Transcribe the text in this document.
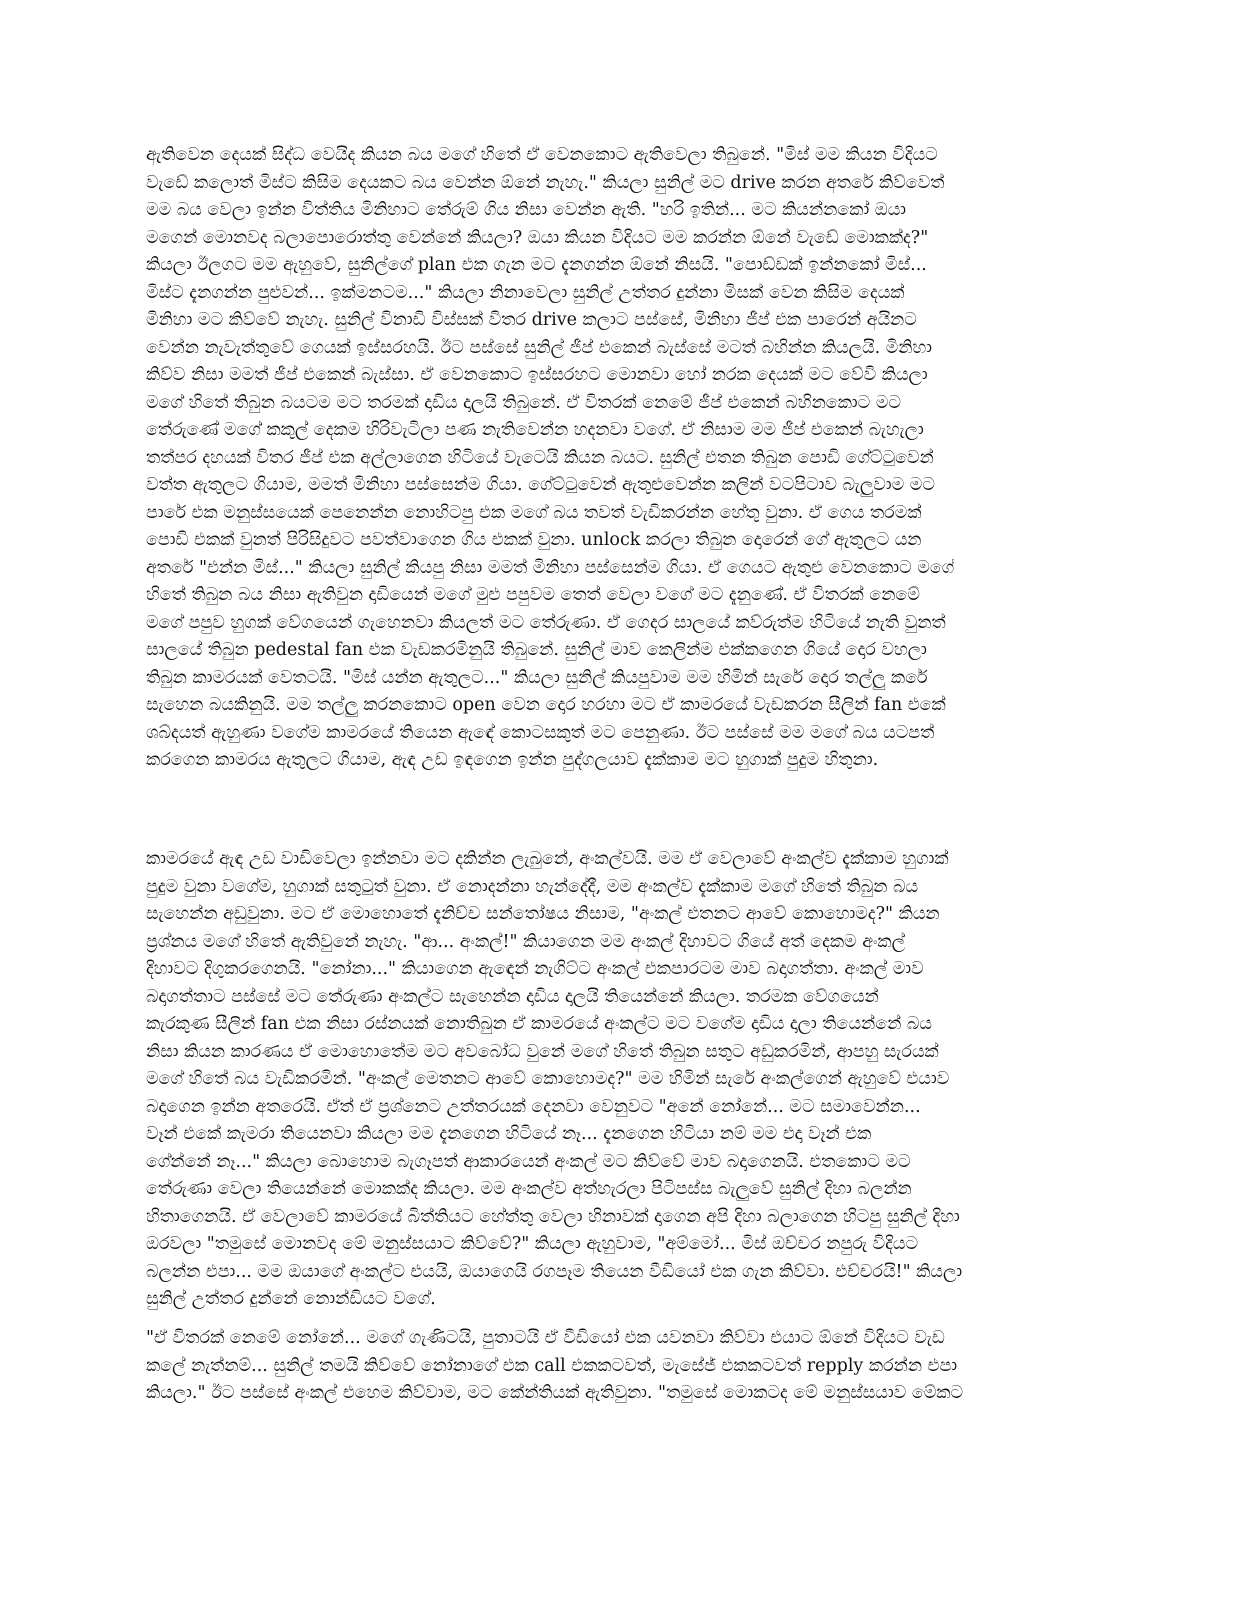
ඇතිවෙන දෙයක් සිද්ධ වෙයිද කියන බය මගේ හිතේ ඒ වෙනකොට ඇතිවෙලා තිබුනේ. "මිස් මම කියන විදියට
වැඩේ කලොත් මිස්ට කිසිම දෙයකට බය වෙන්න ඕනේ නැහැ." කියලා සුනිල් මට drive කරන අතරේ කිව්වෙත්
මම බය වෙලා ඉන්න විත්තිය මිනිහාට තේරුම් ගිය නිසා වෙන්න ඇති. "හරි ඉතින්... මට කියන්නකෝ ඔයා
මගෙන් මොනවද බලාපොරොත්තු වෙන්නේ කියලා? ඔයා කියන විදියට මම කරන්න ඕනේ වැඩේ මොකක්ද?"
කියලා ඊලගට මම ඇහුවේ, සුනිල්ගේ plan එක ගැන මට දැනගන්න ඕනේ නිසයි. "පොඩ්ඩක් ඉන්නකෝ මිස්...
මිස්ට දැනගන්න පුළුවන්... ඉක්මනටම..." කියලා නිනාවෙලා සුනිල් උත්තර දුන්නා මිසක් වෙන කිසිම දෙයක්
මිනිහා මට කිව්වේ නැහැ. සුනිල් විනාඩි විස්සක් විතර drive කලාට පස්සේ, මිනිහා ජීප් එක පාරෙන් අයිනට
වෙන්න නැවැත්තුවේ ගෙයක් ඉස්සරහයි. ඊට පස්සේ සුනිල් ජීප් එකෙන් බැස්සේ මටත් බහින්න කියලයි. මිනිහා
කිව්ව නිසා මමත් ජීප් එකෙන් බැස්සා. ඒ වෙනකොට ඉස්සරහට මොනවා හෝ නරක දෙයක් මට වේවි කියලා
මගේ හිතේ තිබුන බයටම මට තරමක් දාඩිය දාලයි තිබුනේ. ඒ විතරක් නෙමේ ජීප් එකෙන් බහිනකොට මට
තේරුණේ මගේ කකුල් දෙකම හිරිවැටිලා පණ නැතිවෙන්න හදනවා වගේ. ඒ නිසාම මම ජීප් එකෙන් බැහැලා
තත්පර දහයක් විතර ජීප් එක අල්ලාගෙන හිටියේ වැටෙයි කියන බයට. සුනිල් එතන තිබුන පොඩි ගේට්ටුවෙන්
වත්ත ඇතුලට ගියාම, මමත් මිනිහා පස්සෙන්ම ගියා. ගේට්ටුවෙන් ඇතුළුවෙන්න කලින් වටපිටාව බැලුවාම මට
පාරේ එක මනුස්සයෙක් පෙනෙන්න නොහිටපු එක මගේ බය තවත් වැඩිකරන්න හේතු වුනා. ඒ ගෙය තරමක්
පොඩි එකක් වුනත් පිරිසිදුවට පවත්වාගෙන ගිය එකක් වුනා. unlock කරලා තිබුන දොරෙන් ගේ ඇතුලට යන
අතරේ "එන්න මිස්..." කියලා සුනිල් කියපු නිසා මමත් මිනිහා පස්සෙන්ම ගියා. ඒ ගෙයට ඇතුළු වෙනකොට මගේ
හිතේ තිබුන බය නිසා ඇතිවුන දාඩියෙන් මගේ මුළු පපුවම තෙත් වෙලා වගේ මට දැනුණේ. ඒ විතරක් නෙමේ
මගේ පපුව හුගක් වේගයෙන් ගැහෙනවා කියලත් මට තේරුණා. ඒ ගෙදර සාලයේ කව්රුත්ම හිටියේ නැති වුනත්
සාලයේ තිබුන pedestal fan එක වැඩකරමිනුයි තිබුනේ. සුනිල් මාව කෙලින්ම එක්කගෙන ගියේ දොර වහලා
තිබුන කාමරයක් වෙතටයි. "මිස් යන්න ඇතුලට..." කියලා සුනිල් කියපුවාම මම හිමින් සැරේ දොර තල්ලු කරේ
සැහෙන බයකිනුයි. මම තල්ලු කරනකොට open වෙන දොර හරහා මට ඒ කාමරයේ වැඩකරන සීලින් fan එකේ
ශබ්දයත් ඇහුණා වගේම කාමරයේ තියෙන ඇඳේ කොටසකුත් මට පෙනුණා. ඊට පස්සේ මම මගේ බය යටපත්
කරගෙන කාමරය ඇතුලට ගියාම, ඇඳ උඩ ඉඳගෙන ඉන්න පුද්ගලයාව දැක්කාම මට හුගාක් පුදුම හිතුනා.
කාමරයේ ඇඳ උඩ වාඩිවෙලා ඉන්නවා මට දකින්න ලැබුනේ, අංකල්වයි. මම ඒ වෙලාවේ අංකල්ව දැක්කාම හුගාක්
පුදුම වුනා වගේම, හුගාක් සතුටුත් වුනා. ඒ නොදන්නා හැන්දේදී, මම අංකල්ව දැක්කාම මගේ හිතේ තිබුන බය
සැහෙන්න අඩුවුනා. මට ඒ මොහොතේ දැනිච්ච සන්තෝෂය නිසාම, "අංකල් එතනට ආවේ කොහොමද?" කියන
ප්‍රශ්නය මගේ හිතේ ඇතිවුනේ නැහැ. "ආ... අංකල්!" කියාගෙන මම අංකල් දිහාවට ගියේ අත් දෙකම අංකල්
දිහාවට දිගුකරගෙනයි. "නෝනා..." කියාගෙන ඇඳෙන් නැගිට්ට අංකල් එකපාරටම මාව බදාගත්තා. අංකල් මාව
බදාගත්තාට පස්සේ මට තේරුණා අංකල්ට සැහෙන්න දාඩිය දාලයි තියෙන්නේ කියලා. තරමක වේගයෙන්
කැරකුණ සීලින් fan එක නිසා රස්නයක් නොතිබුන ඒ කාමරයේ අංකල්ට මට වගේම දාඩිය දාලා තියෙන්නේ බය
නිසා කියන කාරණය ඒ මොහොතේම මට අවබෝධ වුනේ මගේ හිතේ තිබුන සතුට අඩුකරමින්, ආපහු සැරයක්
මගේ හිතේ බය වැඩිකරමින්. "අංකල් මෙතනට ආවේ කොහොමද?" මම හිමින් සැරේ අංකල්ගෙන් ඇහුවේ එයාව
බදාගෙන ඉන්න අතරෙයි. ඒත් ඒ ප්‍රශ්නෙට උත්තරයක් දෙනවා වෙනුවට "අනේ නෝනේ... මට සමාවෙන්න...
වෑන් එකේ කැමරා තියෙනවා කියලා මම දැනගෙන හිටියේ නෑ... දැනගෙන හිටියා නම් මම එදා වෑන් එක
ගේන්නේ නෑ..." කියලා බොහොම බැගෑපත් ආකාරයෙන් අංකල් මට කිව්වේ මාව බදාගෙනයි. එතකොට මට
තේරුණා වෙලා තියෙන්නේ මොකක්ද කියලා. මම අංකල්ව අත්හැරලා පිටිපස්ස බැලුවේ සුනිල් දිහා බලන්න
හිතාගෙනයි. ඒ වෙලාවේ කාමරයේ බිත්තියට හේත්තු වෙලා හිනාවක් දාගෙන අපි දිහා බලාගෙන හිටපු සුනිල් දිහා
ඔරවලා "තමුසේ මොනවද මේ මනුස්සයාට කිව්වේ?" කියලා ඇහුවාම, "අම්මෝ... මිස් ඔච්චර නපුරු විදියට
බලන්න එපා... මම ඔයාගේ අංකල්ට එයයි, ඔයාගෙයි රගපෑම තියෙන වීඩියෝ එක ගැන කිව්වා. එච්චරයි!" කියලා
සුනිල් උත්තර දුන්නේ නොන්ඩියට වගේ.
"ඒ විතරක් නෙමේ නෝනේ... මගේ ගැණිටයි, පුතාටයි ඒ වීඩියෝ එක යවනවා කිව්වා එයාට ඕනේ විදියට වැඩ
කලේ නැත්නම්... සුනිල් තමයි කිව්වේ නෝනාගේ එක call එකකටවත්, මැසේජ් එකකටවත් repply කරන්න එපා
කියලා." ඊට පස්සේ අංකල් එහෙම කිව්වාම, මට කේන්තියක් ඇතිවුනා. "තමුසේ මොකටද මේ මනුස්සයාව මේකට
